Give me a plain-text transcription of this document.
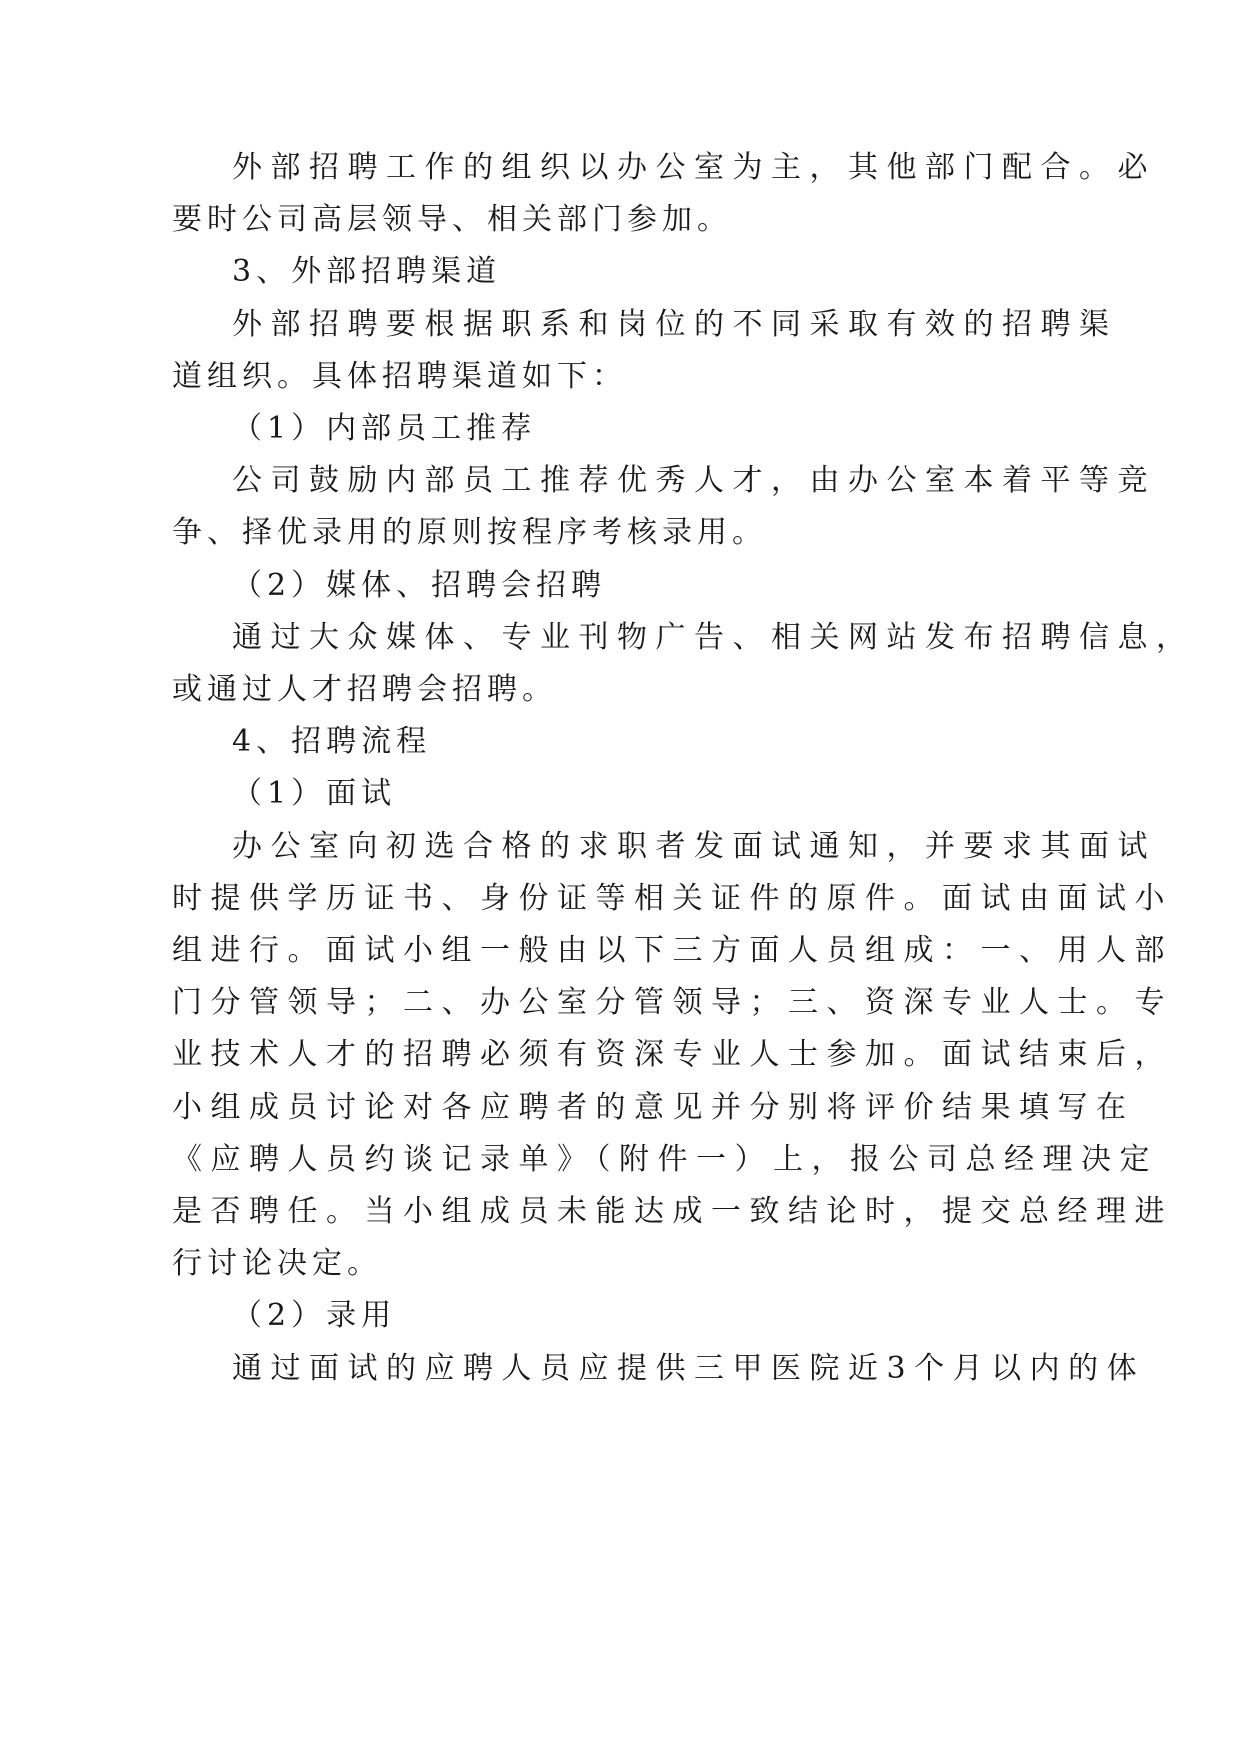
外部招聘工作的组织以办公室为主，其他部门配合。必

要时公司高层领导、相关部门参加。

3、外部招聘渠道

外部招聘要根据职系和岗位的不同采取有效的招聘渠

道组织。具体招聘渠道如下：

（1）内部员工推荐

公司鼓励内部员工推荐优秀人才，由办公室本着平等竞

争、择优录用的原则按程序考核录用。

（2）媒体、招聘会招聘

通过大众媒体、专业刊物广告、相关网站发布招聘信息，

或通过人才招聘会招聘。

4、招聘流程

（1）面试

办公室向初选合格的求职者发面试通知，并要求其面试

时提供学历证书、身份证等相关证件的原件。面试由面试小

组进行。面试小组一般由以下三方面人员组成：一、用人部

门分管领导；二、办公室分管领导；三、资深专业人士。专

业技术人才的招聘必须有资深专业人士参加。面试结束后，

小组成员讨论对各应聘者的意见并分别将评价结果填写在

《应聘人员约谈记录单》（附件一）上，报公司总经理决定

是否聘任。当小组成员未能达成一致结论时，提交总经理进

行讨论决定。

（2）录用

通过面试的应聘人员应提供三甲医院近3个月以内的体
